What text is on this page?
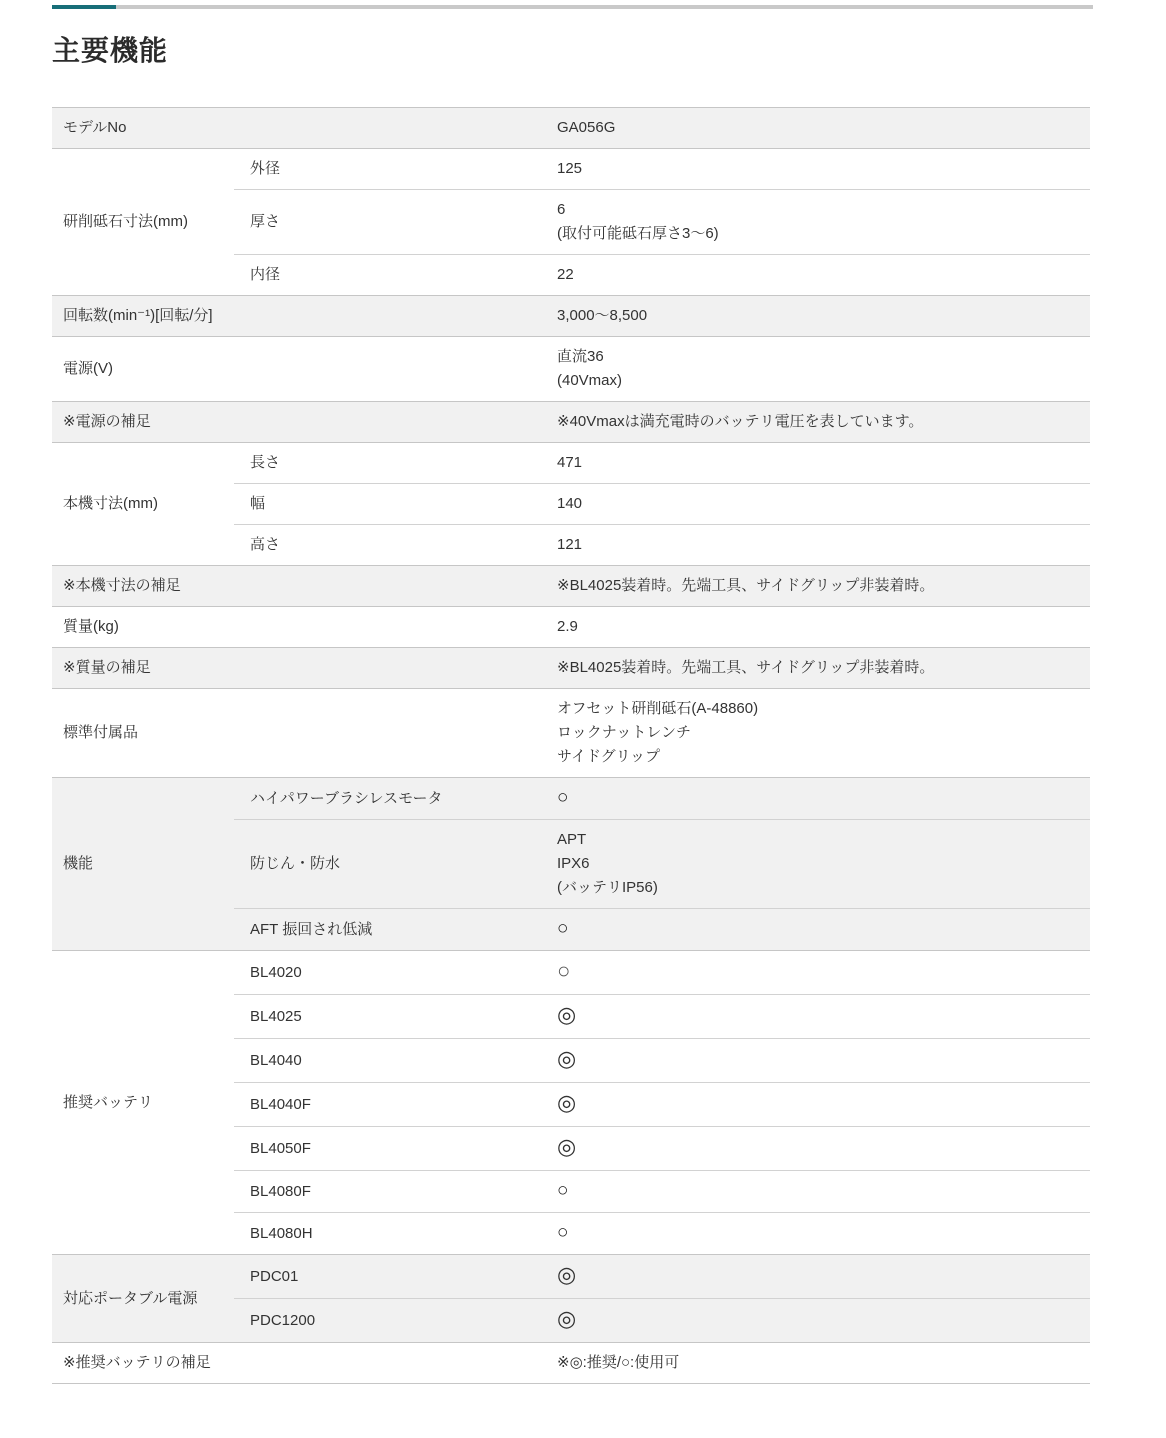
主要機能
モデルNo		GA056G

研削砥石寸法(mm)	外径	125

	厚さ	6
(取付可能砥石厚さ3〜6)

	内径	22

回転数(min⁻¹)[回転/分]		3,000〜8,500

電源(V)		直流36
(40Vmax)

※電源の補足		※40Vmaxは満充電時のバッテリ電圧を表しています。

本機寸法(mm)	長さ	471

	幅	140

	高さ	121

※本機寸法の補足		※BL4025装着時。先端工具、サイドグリップ非装着時。

質量(kg)		2.9

※質量の補足		※BL4025装着時。先端工具、サイドグリップ非装着時。

標準付属品		オフセット研削砥石(A-48860)
ロックナットレンチ
サイドグリップ

機能	ハイパワーブラシレスモータ	○
	防じん・防水	APT
IPX6
(バッテリIP56)

	AFT 振回され低減	○
推奨バッテリ	BL4020	○
	BL4025	◎
	BL4040	◎
	BL4040F	◎
	BL4050F	◎
	BL4080F	○
	BL4080H	○
対応ポータブル電源	PDC01	◎
	PDC1200	◎
※推奨バッテリの補足		※◎:推奨/○:使用可
